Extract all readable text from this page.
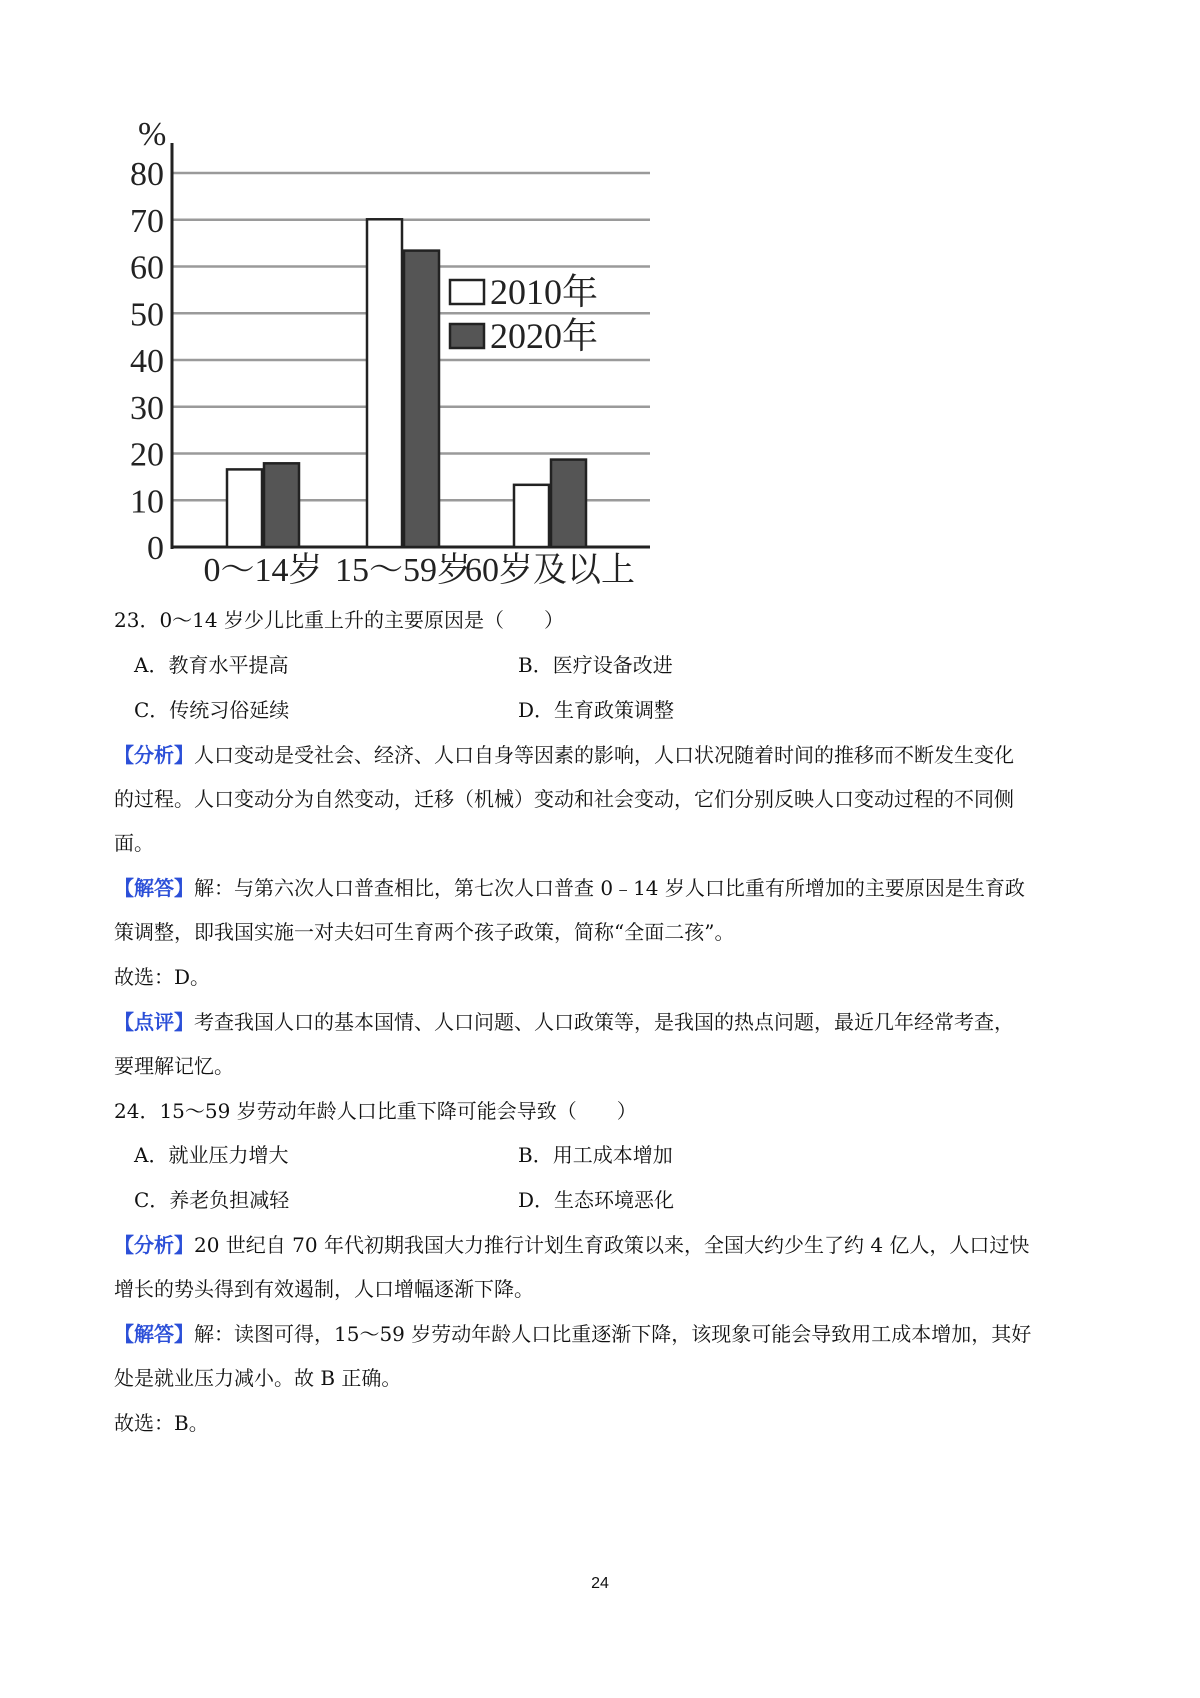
0
10
20
30
40
50
60
70
80
0～14岁 15～59岁
60岁及以上
%
2010年
2020年
23．0～14 岁少儿比重上升的主要原因是（　　）
A．教育水平提高	B．医疗设备改进
C．传统习俗延续	D．生育政策调整
【分析】人口变动是受社会、经济、人口自身等因素的影响，人口状况随着时间的推移而不断发生变化
的过程。人口变动分为自然变动，迁移（机械）变动和社会变动，它们分别反映人口变动过程的不同侧
面。
【解答】解：与第六次人口普查相比，第七次人口普查 0﹣14 岁人口比重有所增加的主要原因是生育政
策调整，即我国实施一对夫妇可生育两个孩子政策，简称“全面二孩”。
故选：D。
【点评】考查我国人口的基本国情、人口问题、人口政策等，是我国的热点问题，最近几年经常考查，
要理解记忆。
24．15～59 岁劳动年龄人口比重下降可能会导致（　　）
A．就业压力增大	B．用工成本增加
C．养老负担减轻	D．生态环境恶化
【分析】20 世纪自 70 年代初期我国大力推行计划生育政策以来，全国大约少生了约 4 亿人，人口过快
增长的势头得到有效遏制，人口增幅逐渐下降。
【解答】解：读图可得，15～59 岁劳动年龄人口比重逐渐下降，该现象可能会导致用工成本增加，其好
处是就业压力减小。故 B 正确。
故选：B。
24
